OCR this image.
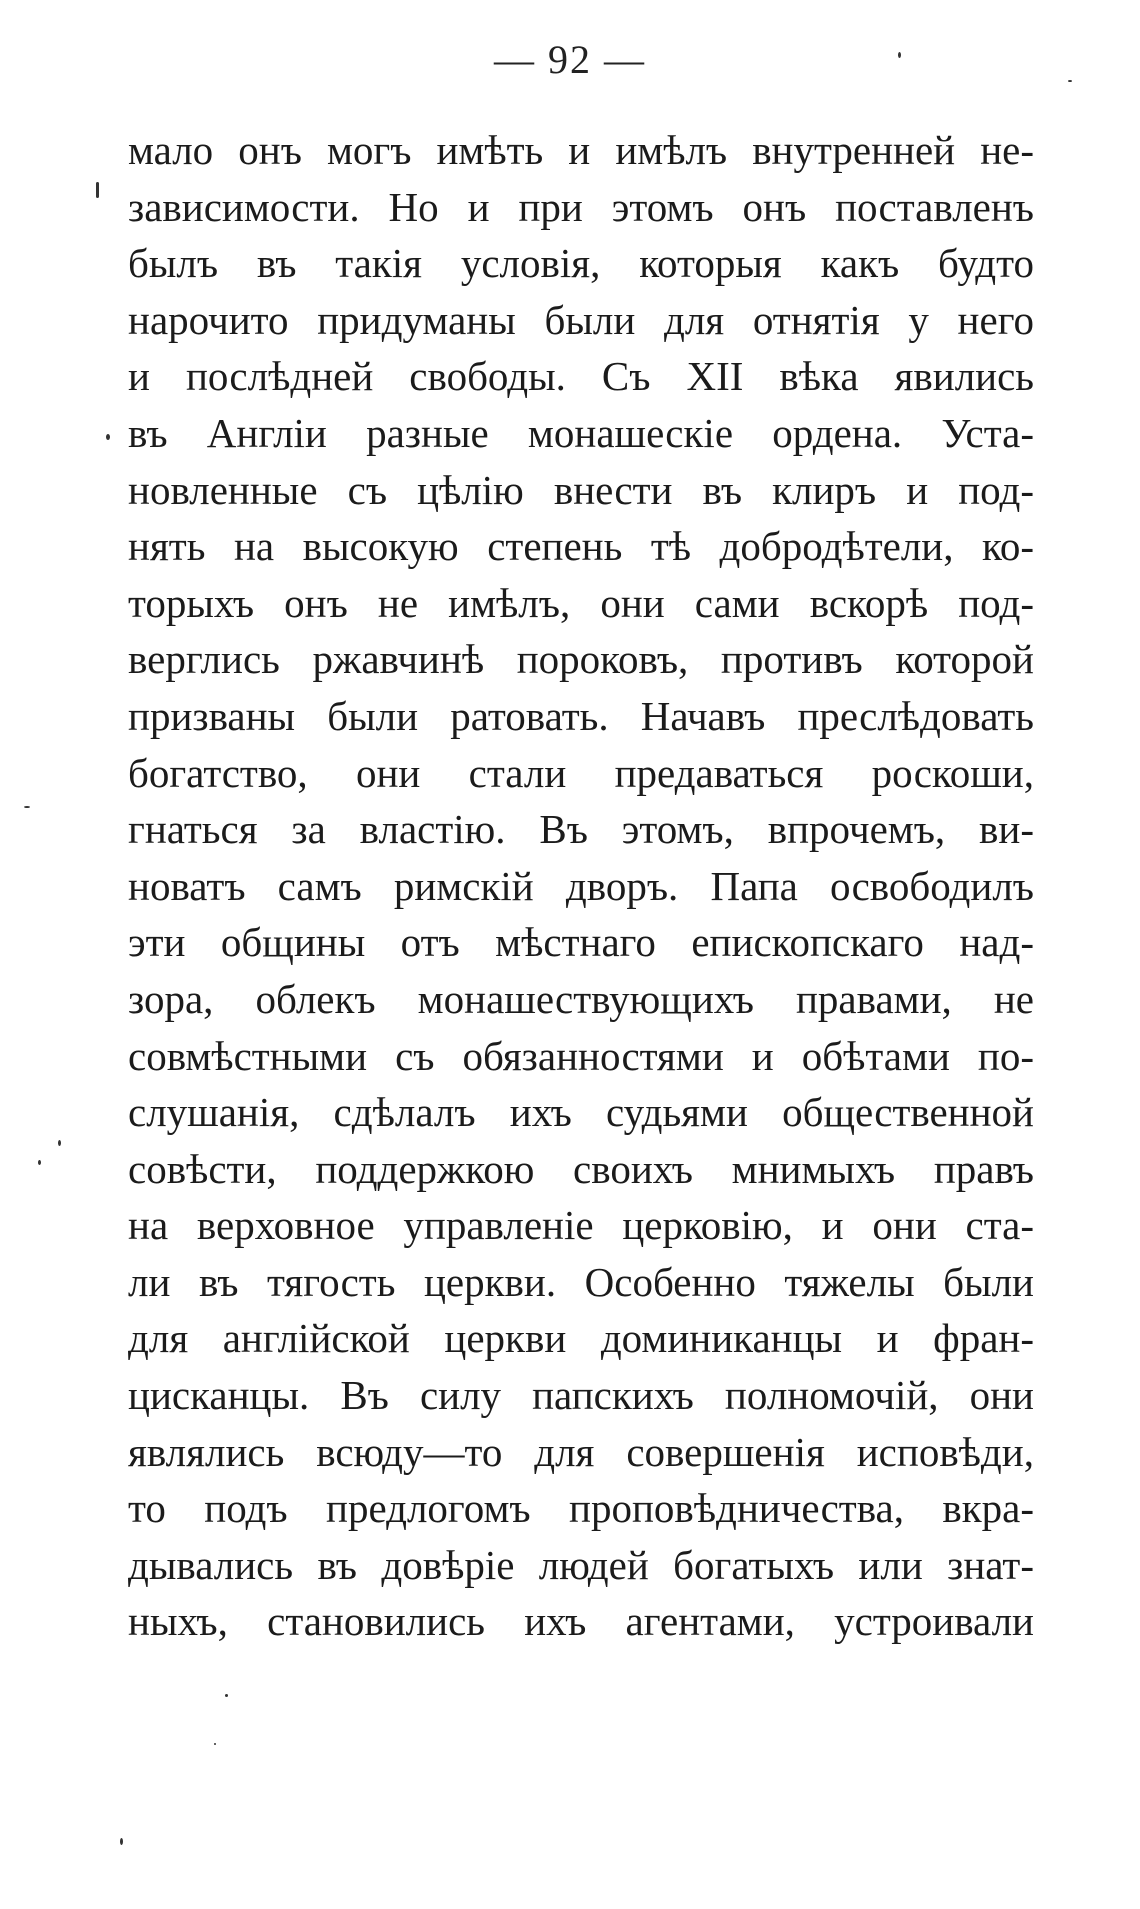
— 92 —
мало онъ могъ имѣть и имѣлъ внутренней не-
зависимости. Но и при этомъ онъ поставленъ
былъ въ такія условія, которыя какъ будто
нарочито придуманы были для отнятія у него
и послѣдней свободы. Съ XII вѣка явились
въ Англіи разные монашескіе ордена. Уста-
новленные съ цѣлію внести въ клиръ и под-
нять на высокую степень тѣ добродѣтели, ко-
торыхъ онъ не имѣлъ, они сами вскорѣ под-
верглись ржавчинѣ пороковъ, противъ которой
призваны были ратовать. Начавъ преслѣдовать
богатство, они стали предаваться роскоши,
гнаться за властію. Въ этомъ, впрочемъ, ви-
новатъ самъ римскій дворъ. Папа освободилъ
эти общины отъ мѣстнаго епископскаго над-
зора, облекъ монашествующихъ правами, не
совмѣстными съ обязанностями и обѣтами по-
слушанія, сдѣлалъ ихъ судьями общественной
совѣсти, поддержкою своихъ мнимыхъ правъ
на верховное управленіе церковію, и они ста-
ли въ тягость церкви. Особенно тяжелы были
для англійской церкви доминиканцы и фран-
цисканцы. Въ силу папскихъ полномочій, они
являлись всюду—то для совершенія исповѣди,
то подъ предлогомъ проповѣдничества, вкра-
дывались въ довѣріе людей богатыхъ или знат-
ныхъ, становились ихъ агентами, устроивали
